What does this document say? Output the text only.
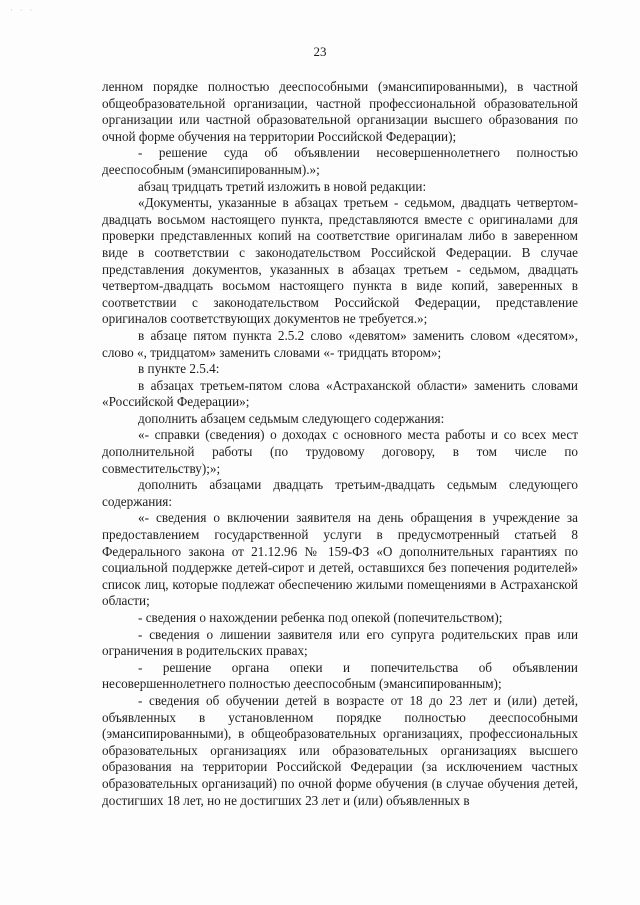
· · ·
23

ленном порядке полностью дееспособными (эмансипированными), в частной общеобразовательной организации, частной профессиональной образовательной организации или частной образовательной организации высшего образования по очной форме обучения на территории Российской Федерации);

- решение суда об объявлении несовершеннолетнего полностью дееспособным (эмансипированным).»;

абзац тридцать третий изложить в новой редакции:

«Документы, указанные в абзацах третьем - седьмом, двадцать четвертом-двадцать восьмом настоящего пункта, представляются вместе с оригиналами для проверки представленных копий на соответствие оригиналам либо в заверенном виде в соответствии с законодательством Российской Федерации. В случае представления документов, указанных в абзацах третьем - седьмом, двадцать четвертом-двадцать восьмом настоящего пункта в виде копий, заверенных в соответствии с законодательством Российской Федерации, представление оригиналов соответствующих документов не требуется.»;

в абзаце пятом пункта 2.5.2 слово «девятом» заменить словом «десятом», слово «, тридцатом» заменить словами «- тридцать втором»;

в пункте 2.5.4:

в абзацах третьем-пятом слова «Астраханской области» заменить словами «Российской Федерации»;

дополнить абзацем седьмым следующего содержания:

«- справки (сведения) о доходах с основного места работы и со всех мест дополнительной работы (по трудовому договору, в том числе по совместительству);»;

дополнить абзацами двадцать третьим-двадцать седьмым следующего содержания:

«- сведения о включении заявителя на день обращения в учреждение за предоставлением государственной услуги в предусмотренный статьей 8 Федерального закона от 21.12.96 № 159-ФЗ «О дополнительных гарантиях по социальной поддержке детей-сирот и детей, оставшихся без попечения родителей» список лиц, которые подлежат обеспечению жилыми помещениями в Астраханской области;

- сведения о нахождении ребенка под опекой (попечительством);

- сведения о лишении заявителя или его супруга родительских прав или ограничения в родительских правах;

- решение органа опеки и попечительства об объявлении несовершеннолетнего полностью дееспособным (эмансипированным);

- сведения об обучении детей в возрасте от 18 до 23 лет и (или) детей, объявленных в установленном порядке полностью дееспособными (эмансипированными), в общеобразовательных организациях, профессиональных образовательных организациях или образовательных организациях высшего образования на территории Российской Федерации (за исключением частных образовательных организаций) по очной форме обучения (в случае обучения детей, достигших 18 лет, но не достигших 23 лет и (или) объявленных в
